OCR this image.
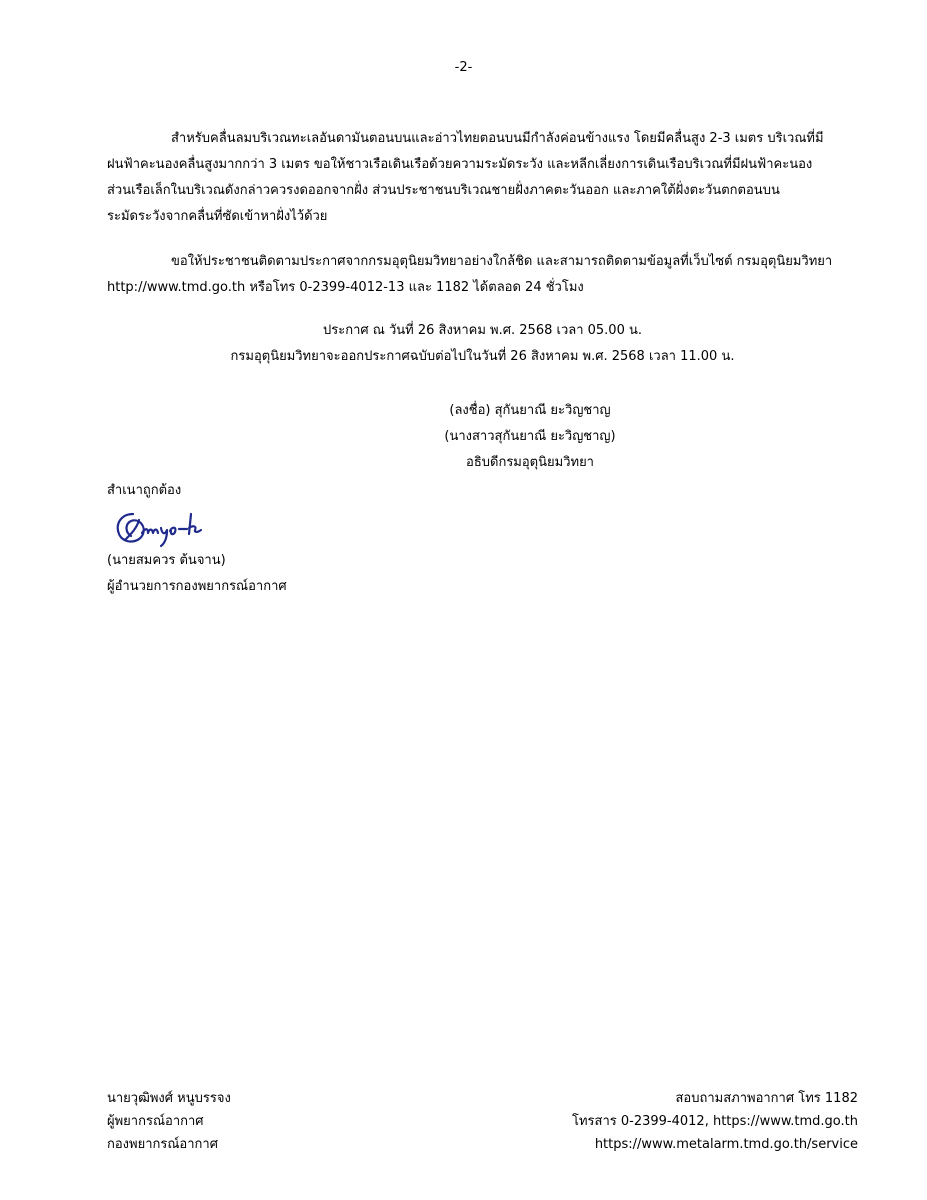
-2-
สำหรับคลื่นลมบริเวณทะเลอันดามันตอนบนและอ่าวไทยตอนบนมีกำลังค่อนข้างแรง โดยมีคลื่นสูง 2-3 เมตร บริเวณที่มี
ฝนฟ้าคะนองคลื่นสูงมากกว่า 3 เมตร ขอให้ชาวเรือเดินเรือด้วยความระมัดระวัง และหลีกเลี่ยงการเดินเรือบริเวณที่มีฝนฟ้าคะนอง
ส่วนเรือเล็กในบริเวณดังกล่าวควรงดออกจากฝั่ง ส่วนประชาชนบริเวณชายฝั่งภาคตะวันออก และภาคใต้ฝั่งตะวันตกตอนบน
ระมัดระวังจากคลื่นที่ซัดเข้าหาฝั่งไว้ด้วย
ขอให้ประชาชนติดตามประกาศจากกรมอุตุนิยมวิทยาอย่างใกล้ชิด และสามารถติดตามข้อมูลที่เว็บไซต์ กรมอุตุนิยมวิทยา
http://www.tmd.go.th หรือโทร 0-2399-4012-13 และ 1182 ได้ตลอด 24 ชั่วโมง
ประกาศ ณ วันที่ 26 สิงหาคม พ.ศ. 2568 เวลา 05.00 น.
กรมอุตุนิยมวิทยาจะออกประกาศฉบับต่อไปในวันที่ 26 สิงหาคม พ.ศ. 2568 เวลา 11.00 น.
(ลงชื่อ) สุกันยาณี ยะวิญชาญ
(นางสาวสุกันยาณี ยะวิญชาญ)
อธิบดีกรมอุตุนิยมวิทยา
สำเนาถูกต้อง
(นายสมควร ต้นจาน)
ผู้อำนวยการกองพยากรณ์อากาศ
นายวุฒิพงศ์ หนูบรรจง
ผู้พยากรณ์อากาศ
กองพยากรณ์อากาศ
สอบถามสภาพอากาศ โทร 1182
โทรสาร 0-2399-4012, https://www.tmd.go.th
https://www.metalarm.tmd.go.th/service
